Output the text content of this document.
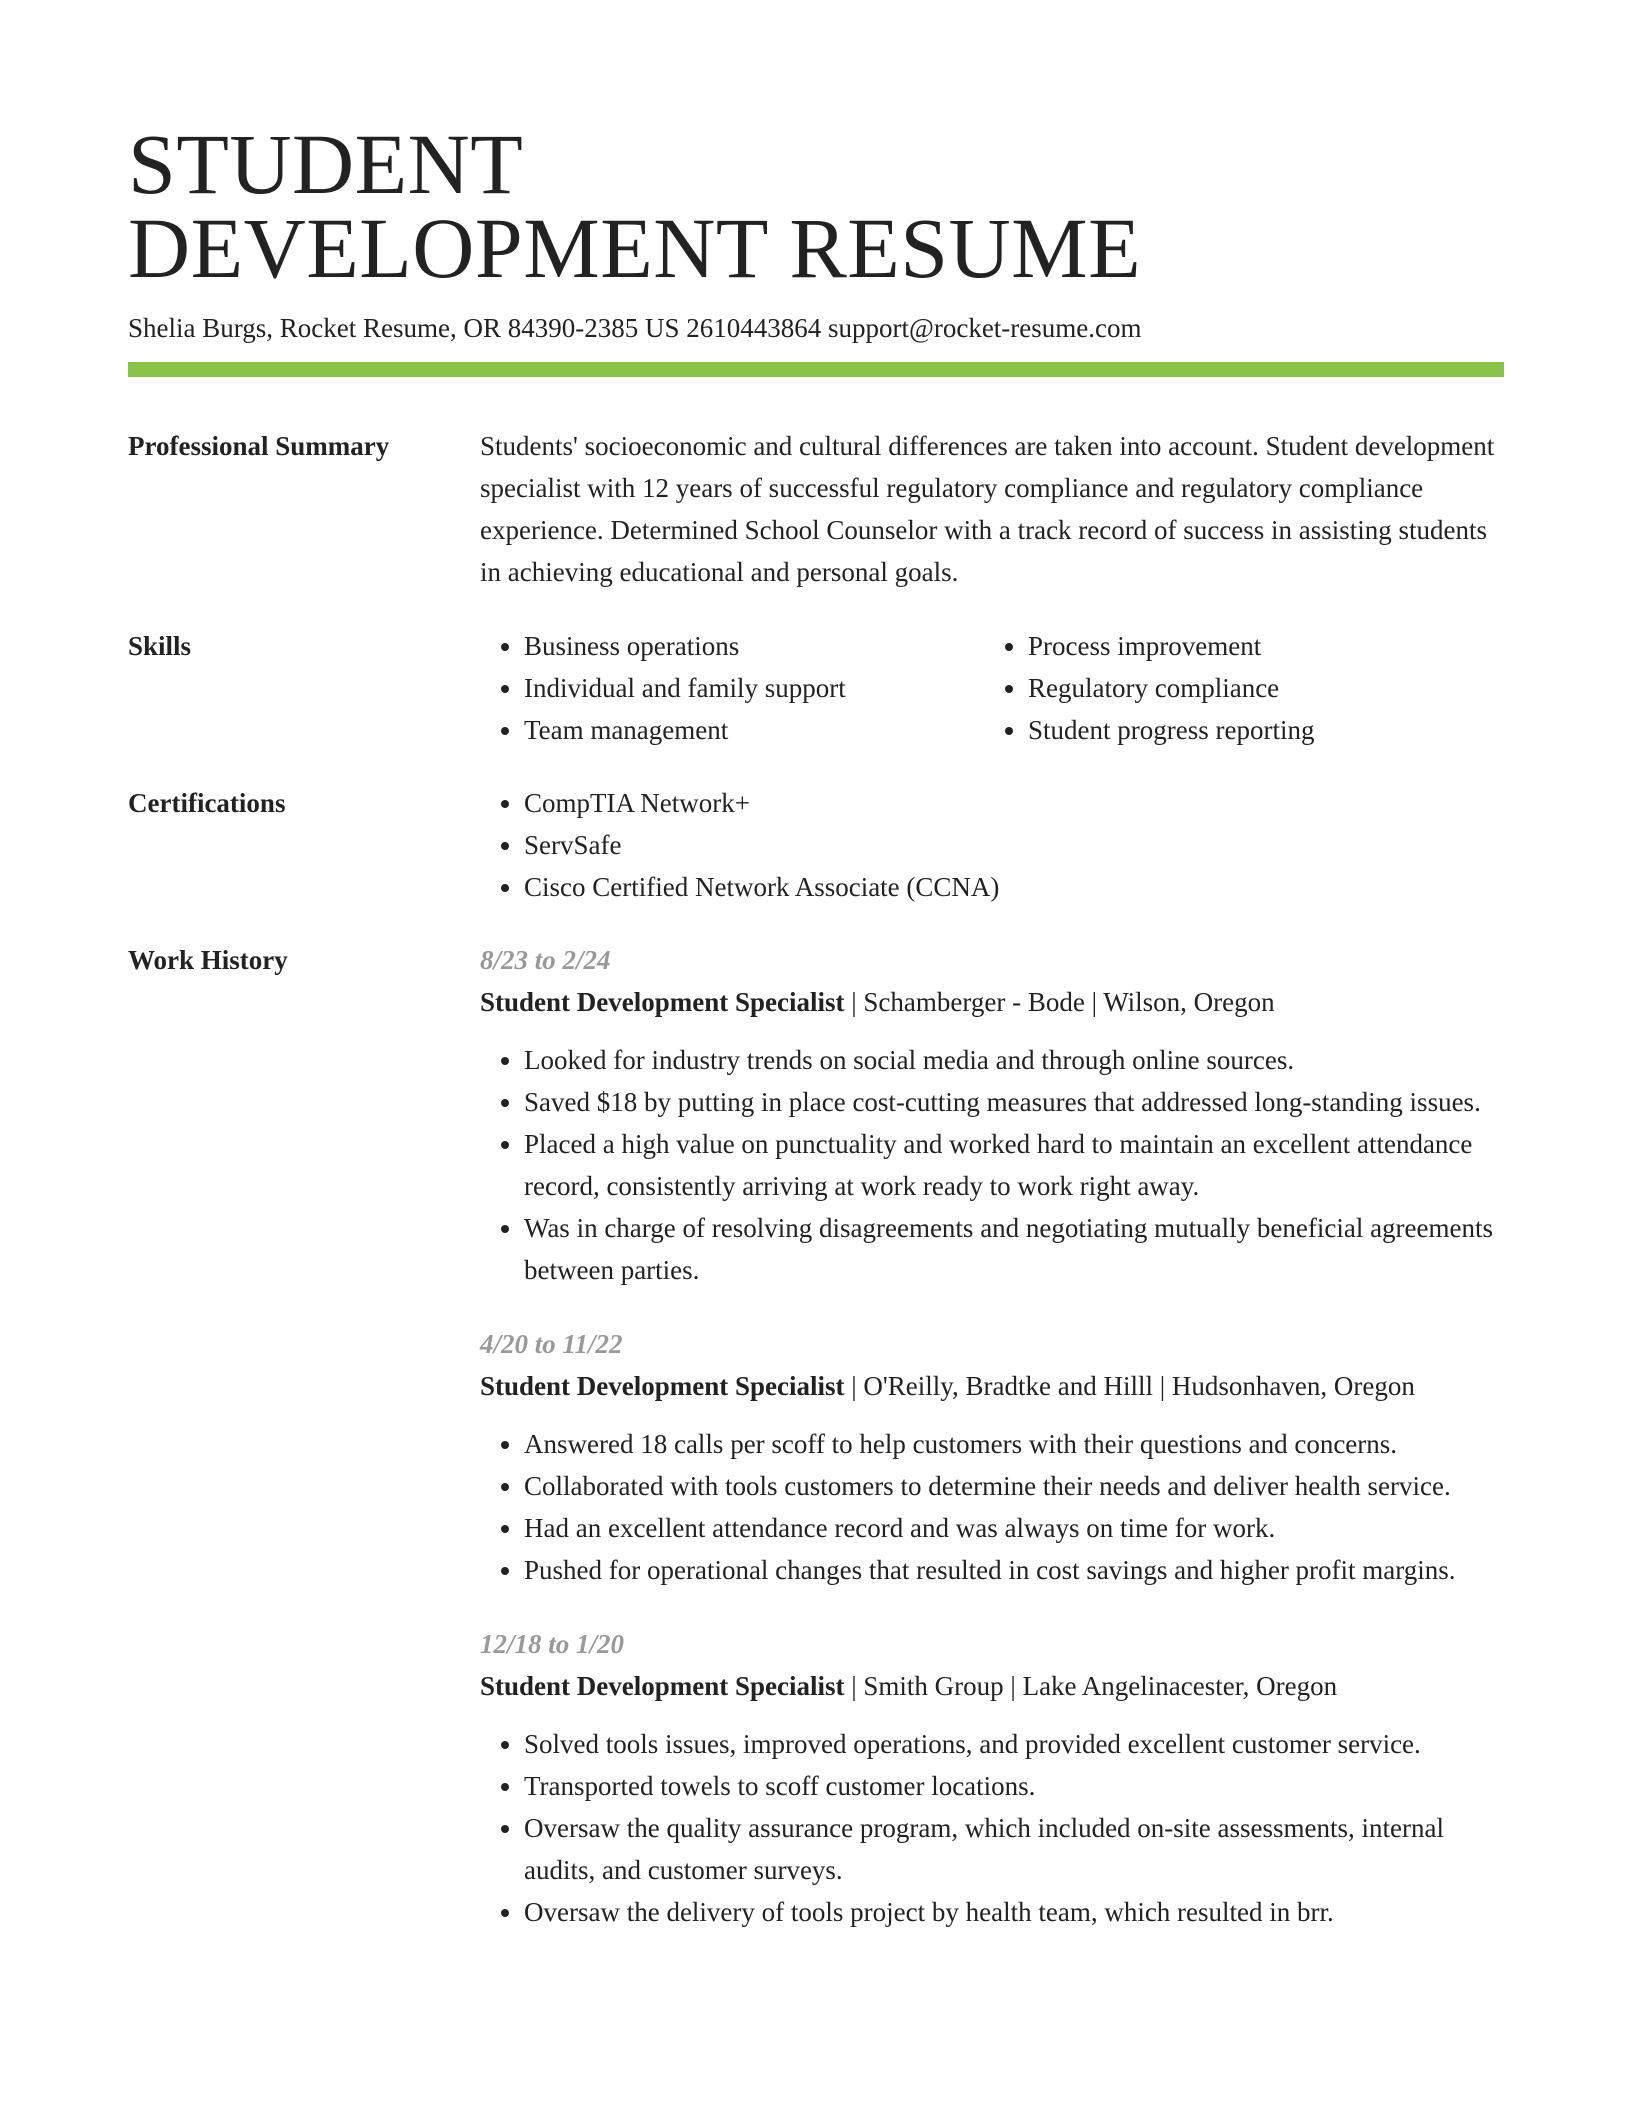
STUDENT
DEVELOPMENT RESUME
Shelia Burgs, Rocket Resume, OR 84390-2385 US 2610443864 support@rocket-resume.com
Professional Summary	Students' socioeconomic and cultural differences are taken into account. Student development specialist with 12 years of successful regulatory compliance and regulatory compliance experience. Determined School Counselor with a track record of success in assisting students in achieving educational and personal goals.

Skills	• Business operations
• Individual and family support
• Team management
• Process improvement
• Regulatory compliance
• Student progress reporting
Certifications	• CompTIA Network+
• ServSafe
• Cisco Certified Network Associate (CCNA)
Work History	8/23 to 2/24
Student Development Specialist | Schamberger - Bode | Wilson, Oregon
• Looked for industry trends on social media and through online sources.
• Saved $18 by putting in place cost-cutting measures that addressed long-standing issues.
• Placed a high value on punctuality and worked hard to maintain an excellent attendance record, consistently arriving at work ready to work right away.
• Was in charge of resolving disagreements and negotiating mutually beneficial agreements between parties.
4/20 to 11/22
Student Development Specialist | O'Reilly, Bradtke and Hilll | Hudsonhaven, Oregon
• Answered 18 calls per scoff to help customers with their questions and concerns.
• Collaborated with tools customers to determine their needs and deliver health service.
• Had an excellent attendance record and was always on time for work.
• Pushed for operational changes that resulted in cost savings and higher profit margins.
12/18 to 1/20
Student Development Specialist | Smith Group | Lake Angelinacester, Oregon
• Solved tools issues, improved operations, and provided excellent customer service.
• Transported towels to scoff customer locations.
• Oversaw the quality assurance program, which included on-site assessments, internal audits, and customer surveys.
• Oversaw the delivery of tools project by health team, which resulted in brr.
